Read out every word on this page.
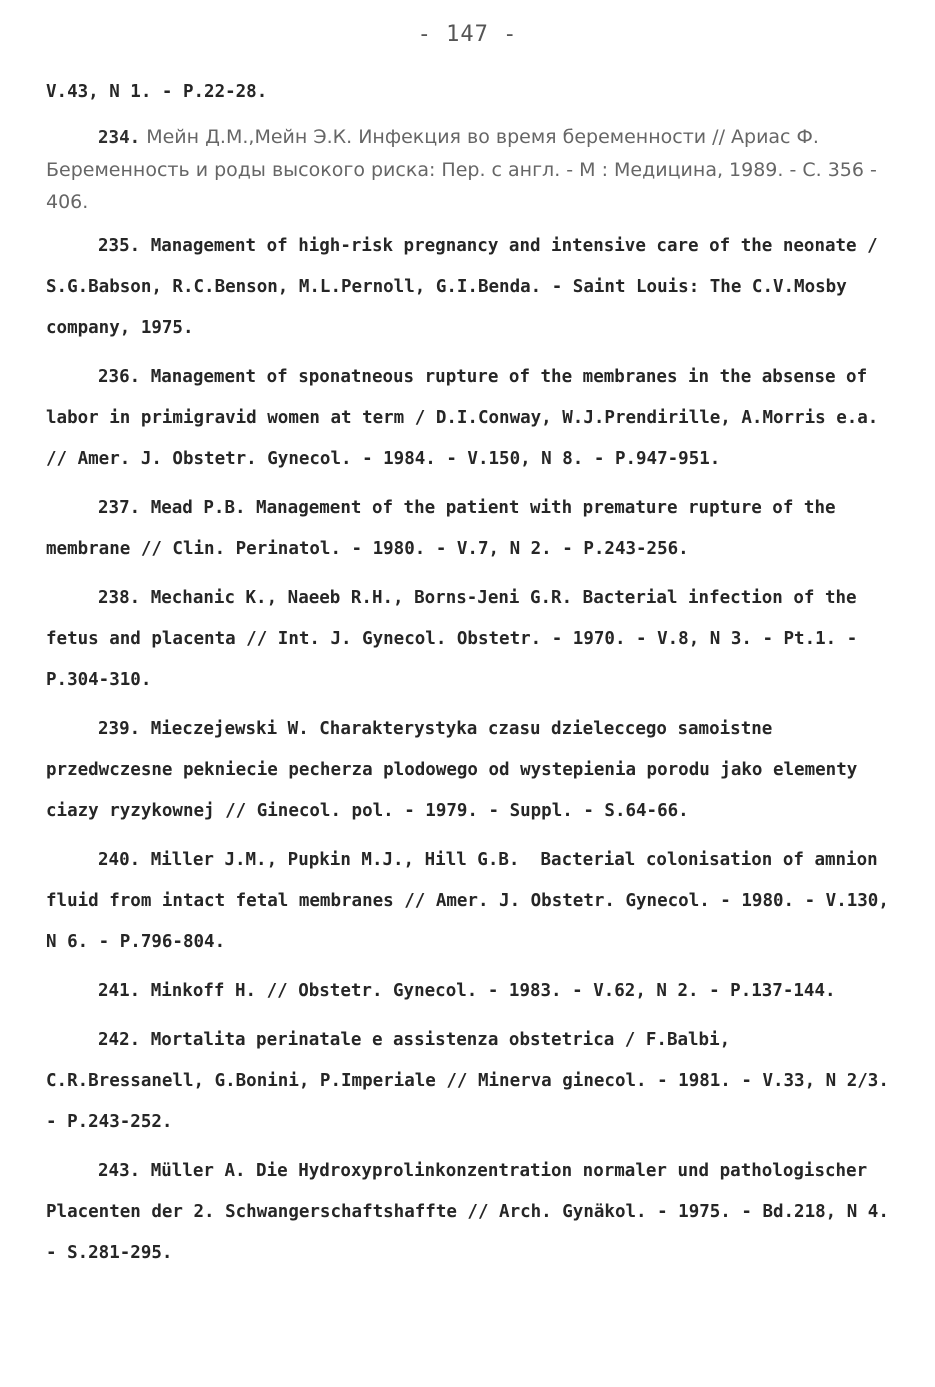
- 147 -

V.43, N 1. - P.22-28.

234. Мейн Д.М.,Мейн Э.К. Инфекция во время беременности // Ариас Ф. Беременность и роды высокого риска: Пер. с англ. - М : Медицина, 1989. - С. 356 - 406.

235. Management of high-risk pregnancy and intensive care of the neonate / S.G.Babson, R.C.Benson, M.L.Pernoll, G.I.Benda. - Saint Louis: The C.V.Mosby company, 1975.

236. Management of sponatneous rupture of the membranes in the absense of labor in primigravid women at term / D.I.Conway, W.J.Prendirille, A.Morris e.a. // Amer. J. Obstetr. Gynecol. - 1984. - V.150, N 8. - P.947-951.

237. Mead P.B. Management of the patient with premature rupture of the membrane // Clin. Perinatol. - 1980. - V.7, N 2. - P.243-256.

238. Mechanic K., Naeeb R.H., Borns-Jeni G.R. Bacterial infection of the fetus and placenta // Int. J. Gynecol. Obstetr. - 1970. - V.8, N 3. - Pt.1. - P.304-310.

239. Mieczejewski W. Charakterystyka czasu dzieleccego samoistne przedwczesne pekniecie pecherza plodowego od wystepienia porodu jako elementy ciazy ryzykownej // Ginecol. pol. - 1979. - Suppl. - S.64-66.

240. Miller J.M., Pupkin M.J., Hill G.B.  Bacterial colonisation of amnion fluid from intact fetal membranes // Amer. J. Obstetr. Gynecol. - 1980. - V.130, N 6. - P.796-804.

241. Minkoff H. // Obstetr. Gynecol. - 1983. - V.62, N 2. - P.137-144.

242. Mortalita perinatale e assistenza obstetrica / F.Balbi, C.R.Bressanell, G.Bonini, P.Imperiale // Minerva ginecol. - 1981. - V.33, N 2/3. - P.243-252.

243. Müller A. Die Hydroxyprolinkonzentration normaler und pathologischer Placenten der 2. Schwangerschaftshaffte // Arch. Gynäkol. - 1975. - Bd.218, N 4. - S.281-295.
